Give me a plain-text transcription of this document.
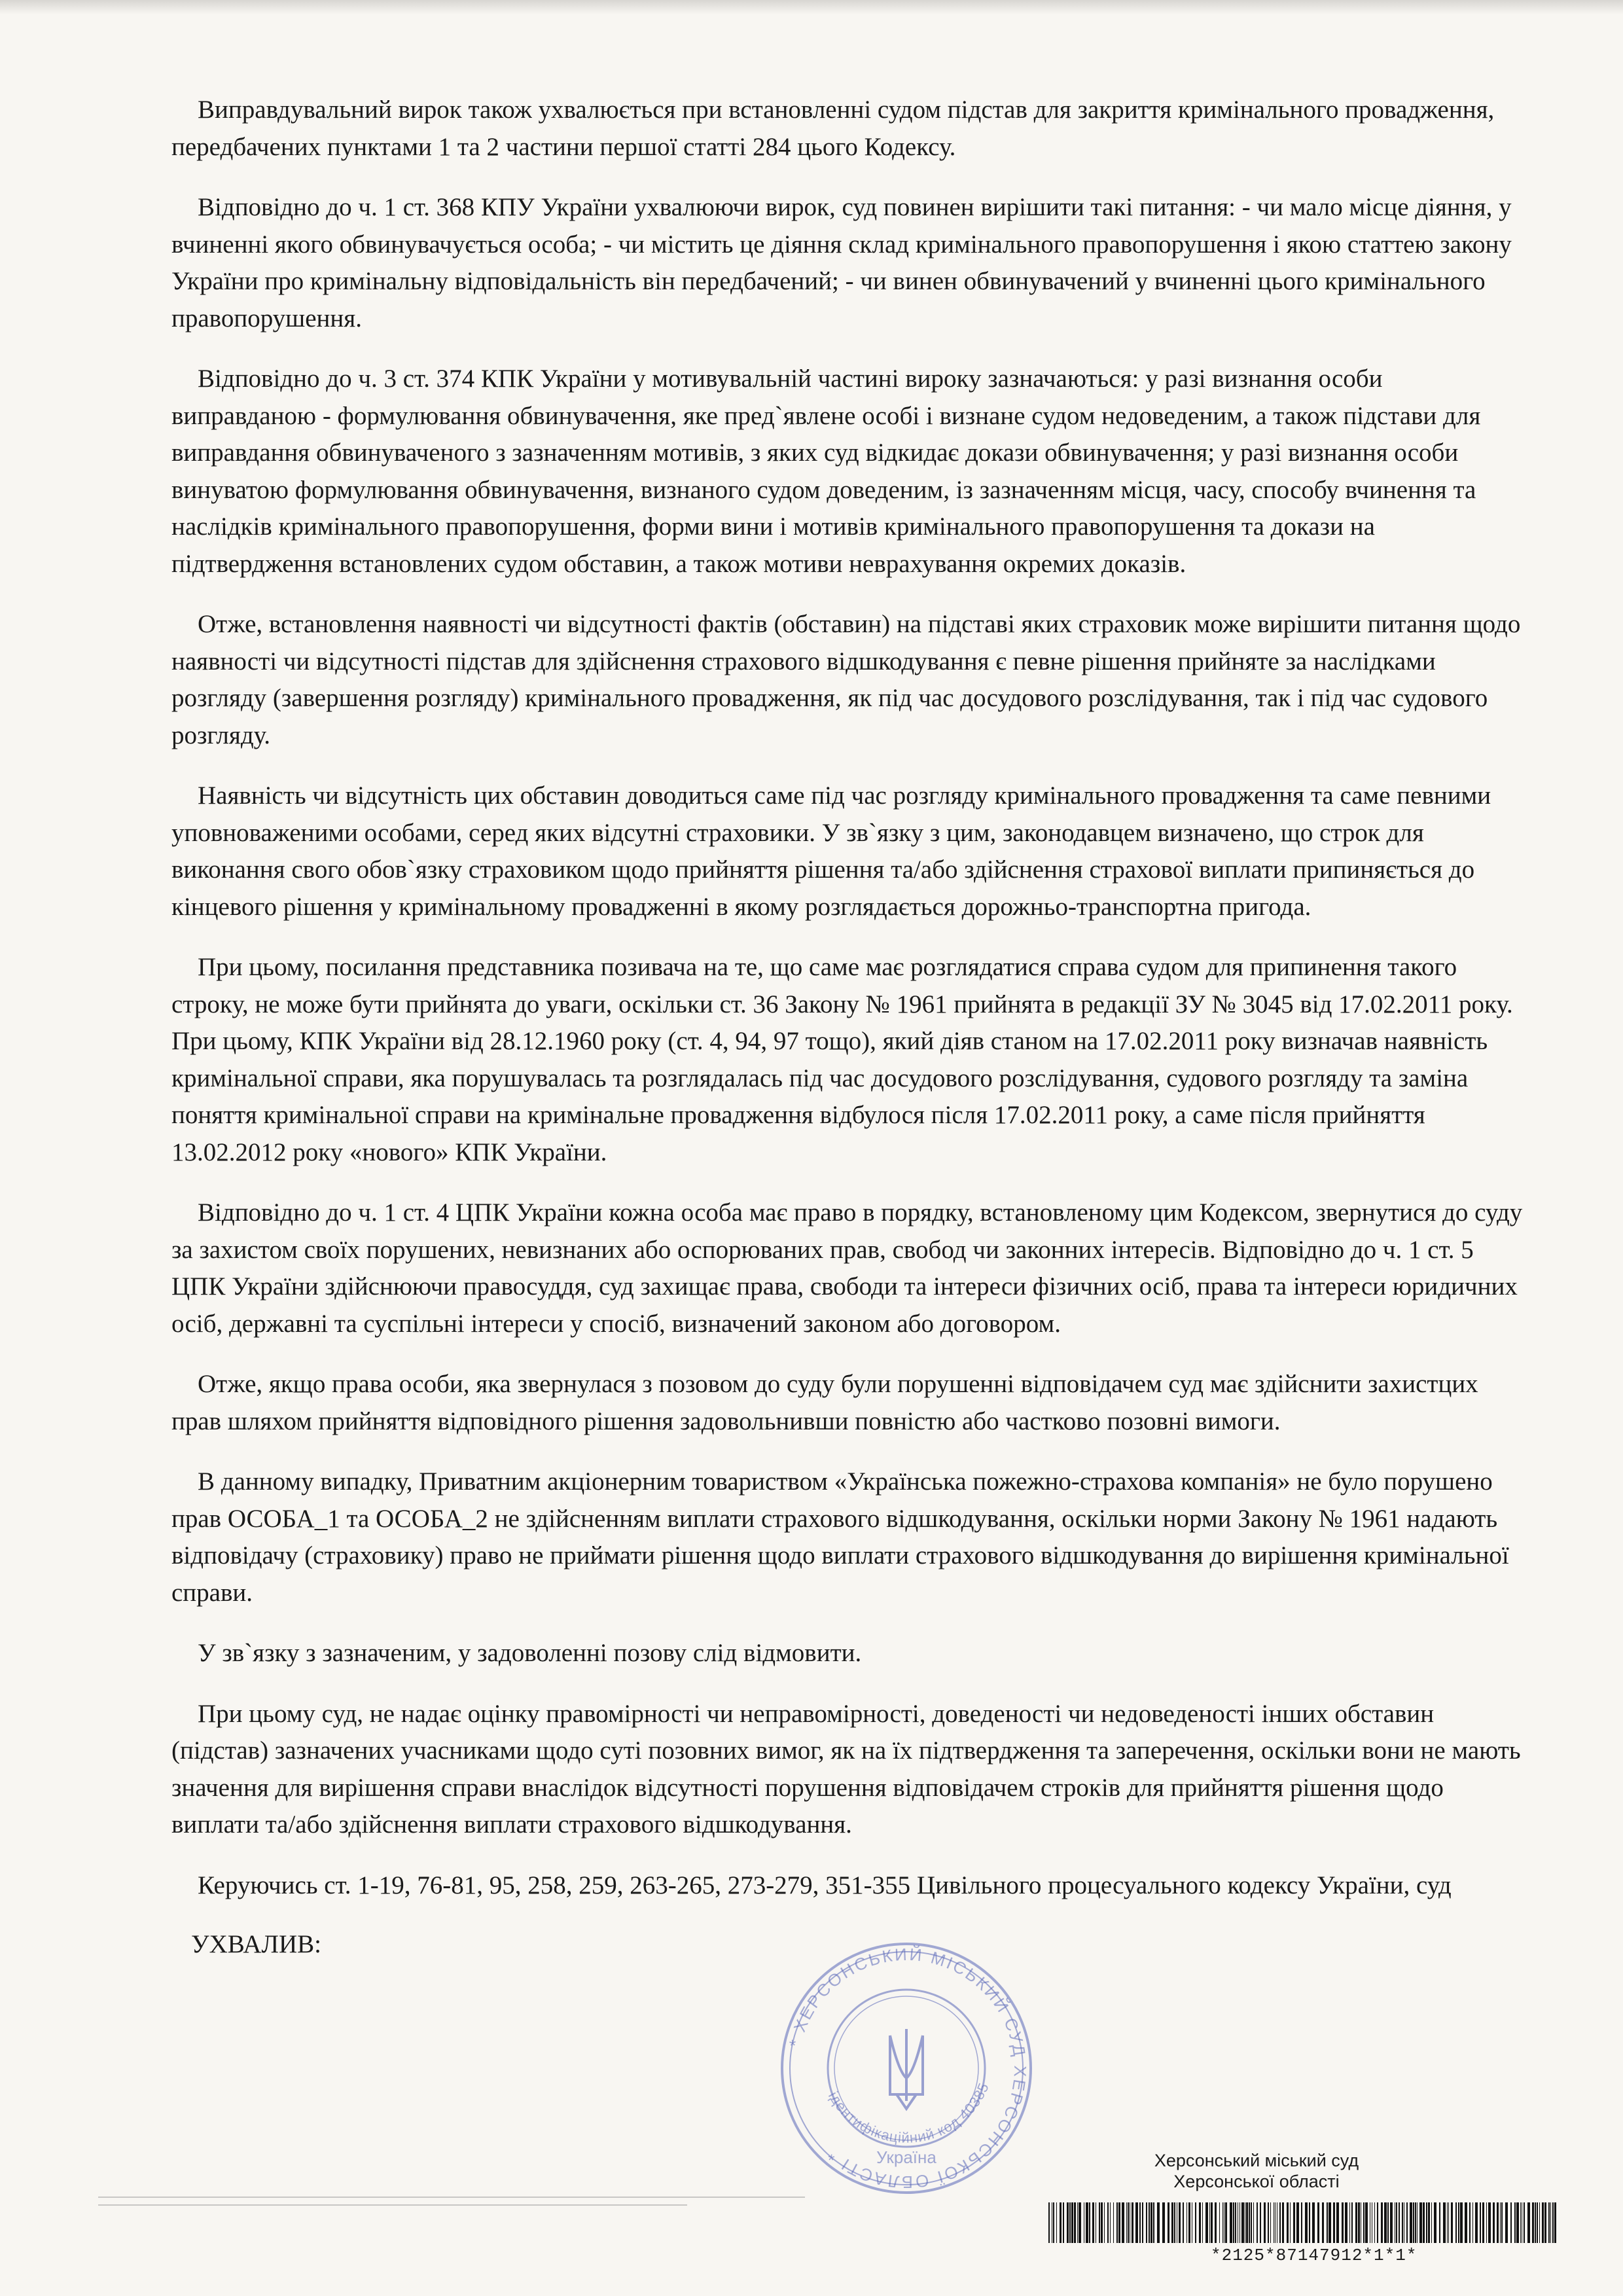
Виправдувальний вирок також ухвалюється при встановленні судом підстав для закриття кримінального провадження, передбачених пунктами 1 та 2 частини першої статті 284 цього Кодексу.

Відповідно до ч. 1 ст. 368 КПУ України ухвалюючи вирок, суд повинен вирішити такі питання: - чи мало місце діяння, у вчиненні якого обвинувачується особа; - чи містить це діяння склад кримінального правопорушення і якою статтею закону України про кримінальну відповідальність він передбачений; - чи винен обвинувачений у вчиненні цього кримінального правопорушення.

Відповідно до ч. 3 ст. 374 КПК України у мотивувальній частині вироку зазначаються: у разі визнання особи виправданою - формулювання обвинувачення, яке пред`явлене особі і визнане судом недоведеним, а також підстави для виправдання обвинуваченого з зазначенням мотивів, з яких суд відкидає докази обвинувачення; у разі визнання особи винуватою формулювання обвинувачення, визнаного судом доведеним, із зазначенням місця, часу, способу вчинення та наслідків кримінального правопорушення, форми вини і мотивів кримінального правопорушення та докази на підтвердження встановлених судом обставин, а також мотиви неврахування окремих доказів.

Отже, встановлення наявності чи відсутності фактів (обставин) на підставі яких страховик може вирішити питання щодо наявності чи відсутності підстав для здійснення страхового відшкодування є певне рішення прийняте за наслідками розгляду (завершення розгляду) кримінального провадження, як під час досудового розслідування, так і під час судового розгляду.

Наявність чи відсутність цих обставин доводиться саме під час розгляду кримінального провадження та саме певними уповноваженими особами, серед яких відсутні страховики. У зв`язку з цим, законодавцем визначено, що строк для виконання свого обов`язку страховиком щодо прийняття рішення та/або здійснення страхової виплати припиняється до кінцевого рішення у кримінальному провадженні в якому розглядається дорожньо-транспортна пригода.

При цьому, посилання представника позивача на те, що саме має розглядатися справа судом для припинення такого строку, не може бути прийнята до уваги, оскільки ст. 36 Закону № 1961 прийнята в редакції ЗУ № 3045 від 17.02.2011 року. При цьому, КПК України від 28.12.1960 року (ст. 4, 94, 97 тощо), який діяв станом на 17.02.2011 року визначав наявність кримінальної справи, яка порушувалась та розглядалась під час досудового розслідування, судового розгляду та заміна поняття кримінальної справи на кримінальне провадження відбулося після 17.02.2011 року, а саме після прийняття 13.02.2012 року «нового» КПК України.

Відповідно до ч. 1 ст. 4 ЦПК України кожна особа має право в порядку, встановленому цим Кодексом, звернутися до суду за захистом своїх порушених, невизнаних або оспорюваних прав, свобод чи законних інтересів. Відповідно до ч. 1 ст. 5 ЦПК України здійснюючи правосуддя, суд захищає права, свободи та інтереси фізичних осіб, права та інтереси юридичних осіб, державні та суспільні інтереси у спосіб, визначений законом або договором.

Отже, якщо права особи, яка звернулася з позовом до суду були порушенні відповідачем суд має здійснити захистцих прав шляхом прийняття відповідного рішення задовольнивши повністю або частково позовні вимоги.

В данному випадку, Приватним акціонерним товариством «Українська пожежно-страхова компанія» не було порушено прав ОСОБА_1 та ОСОБА_2 не здійсненням виплати страхового відшкодування, оскільки норми Закону № 1961 надають відповідачу (страховику) право не приймати рішення щодо виплати страхового відшкодування до вирішення кримінальної справи.

У зв`язку з зазначеним, у задоволенні позову слід відмовити.

При цьому суд, не надає оцінку правомірності чи неправомірності, доведеності чи недоведеності інших обставин (підстав) зазначених учасниками щодо суті позовних вимог, як на їх підтвердження та заперечення, оскільки вони не мають значення для вирішення справи внаслідок відсутності порушення відповідачем строків для прийняття рішення щодо виплати та/або здійснення виплати страхового відшкодування.

Керуючись ст. 1-19, 76-81, 95, 258, 259, 263-265, 273-279, 351-355 Цивільного процесуального кодексу України, суд

УХВАЛИВ:

* ХЕРСОНСЬКИЙ МІСЬКИЙ СУД ХЕРСОНСЬКОЇ ОБЛАСТІ *
ідентифікаційний код 40385
Україна	Херсонський міський суд
Херсонської області
*2125*87147912*1*1*
